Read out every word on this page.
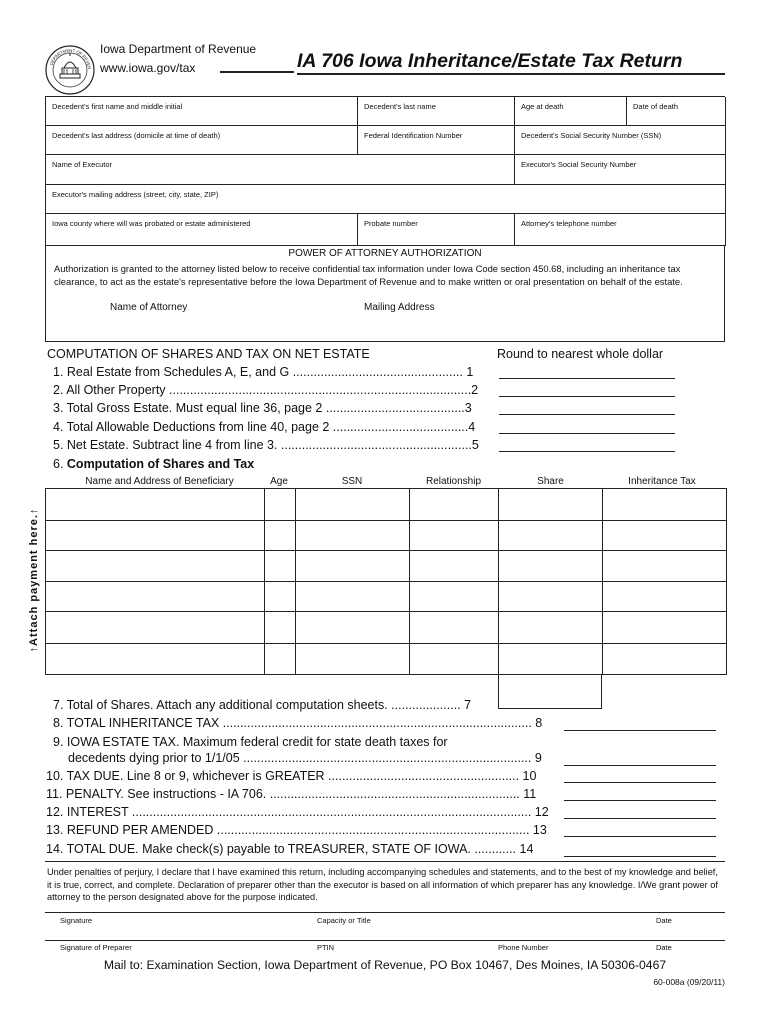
DEPARTMENT OF REVEN
Iowa Department of Revenue
www.iowa.gov/tax	IA 706 Iowa Inheritance/Estate Tax Return
Decedent's first name and middle initial	Decedent's last name	Age at death	Date of death
Decedent's last address (domicile at time of death)	Federal Identification Number	Decedent's Social Security Number (SSN)
Name of Executor	Executor's Social Security Number
Executor's mailing address (street, city, state, ZIP)
Iowa county where will was probated or estate administered	Probate number	Attorney's telephone number
POWER OF ATTORNEY AUTHORIZATION
Authorization is granted to the attorney listed below to receive confidential tax information under Iowa Code section 450.68, including an inheritance tax clearance, to act as the estate's representative before the Iowa Department of Revenue and to make written or oral presentation on behalf of the estate.
Name of Attorney	Mailing Address
COMPUTATION OF SHARES AND TAX ON NET ESTATE	Round to nearest whole dollar
1. Real Estate from Schedules A, E, and G ................................................. 1
2. All Other Property .......................................................................................2
3. Total Gross Estate. Must equal line 36, page 2 ........................................3
4. Total Allowable Deductions from line 40, page 2 .......................................4
5. Net Estate. Subtract line 4 from line 3. .......................................................5
6. Computation of Shares and Tax
Name and Address of Beneficiary	Age	SSN	Relationship	Share	Inheritance Tax
↑Attach payment here.↑
7. Total of Shares. Attach any additional computation sheets. .................... 7
8. TOTAL INHERITANCE TAX ......................................................................................... 8
9. IOWA ESTATE TAX. Maximum federal credit for state death taxes for
decedents dying prior to 1/1/05 ................................................................................... 9
10. TAX DUE. Line 8 or 9, whichever is GREATER ....................................................... 10
11. PENALTY. See instructions - IA 706. ........................................................................ 11
12. INTEREST ................................................................................................................... 12
13. REFUND PER AMENDED .......................................................................................... 13
14. TOTAL DUE. Make check(s) payable to TREASURER, STATE OF IOWA. ............ 14
Under penalties of perjury, I declare that I have examined this return, including accompanying schedules and statements, and to the best of my knowledge and belief, it is true, correct, and complete. Declaration of preparer other than the executor is based on all information of which preparer has any knowledge. I/We grant power of attorney to the person designated above for the purpose indicated.
Signature	Capacity or Title	Date
Signature of Preparer	PTIN	Phone Number	Date
Mail to: Examination Section, Iowa Department of Revenue, PO Box 10467, Des Moines, IA 50306-0467
60-008a (09/20/11)
